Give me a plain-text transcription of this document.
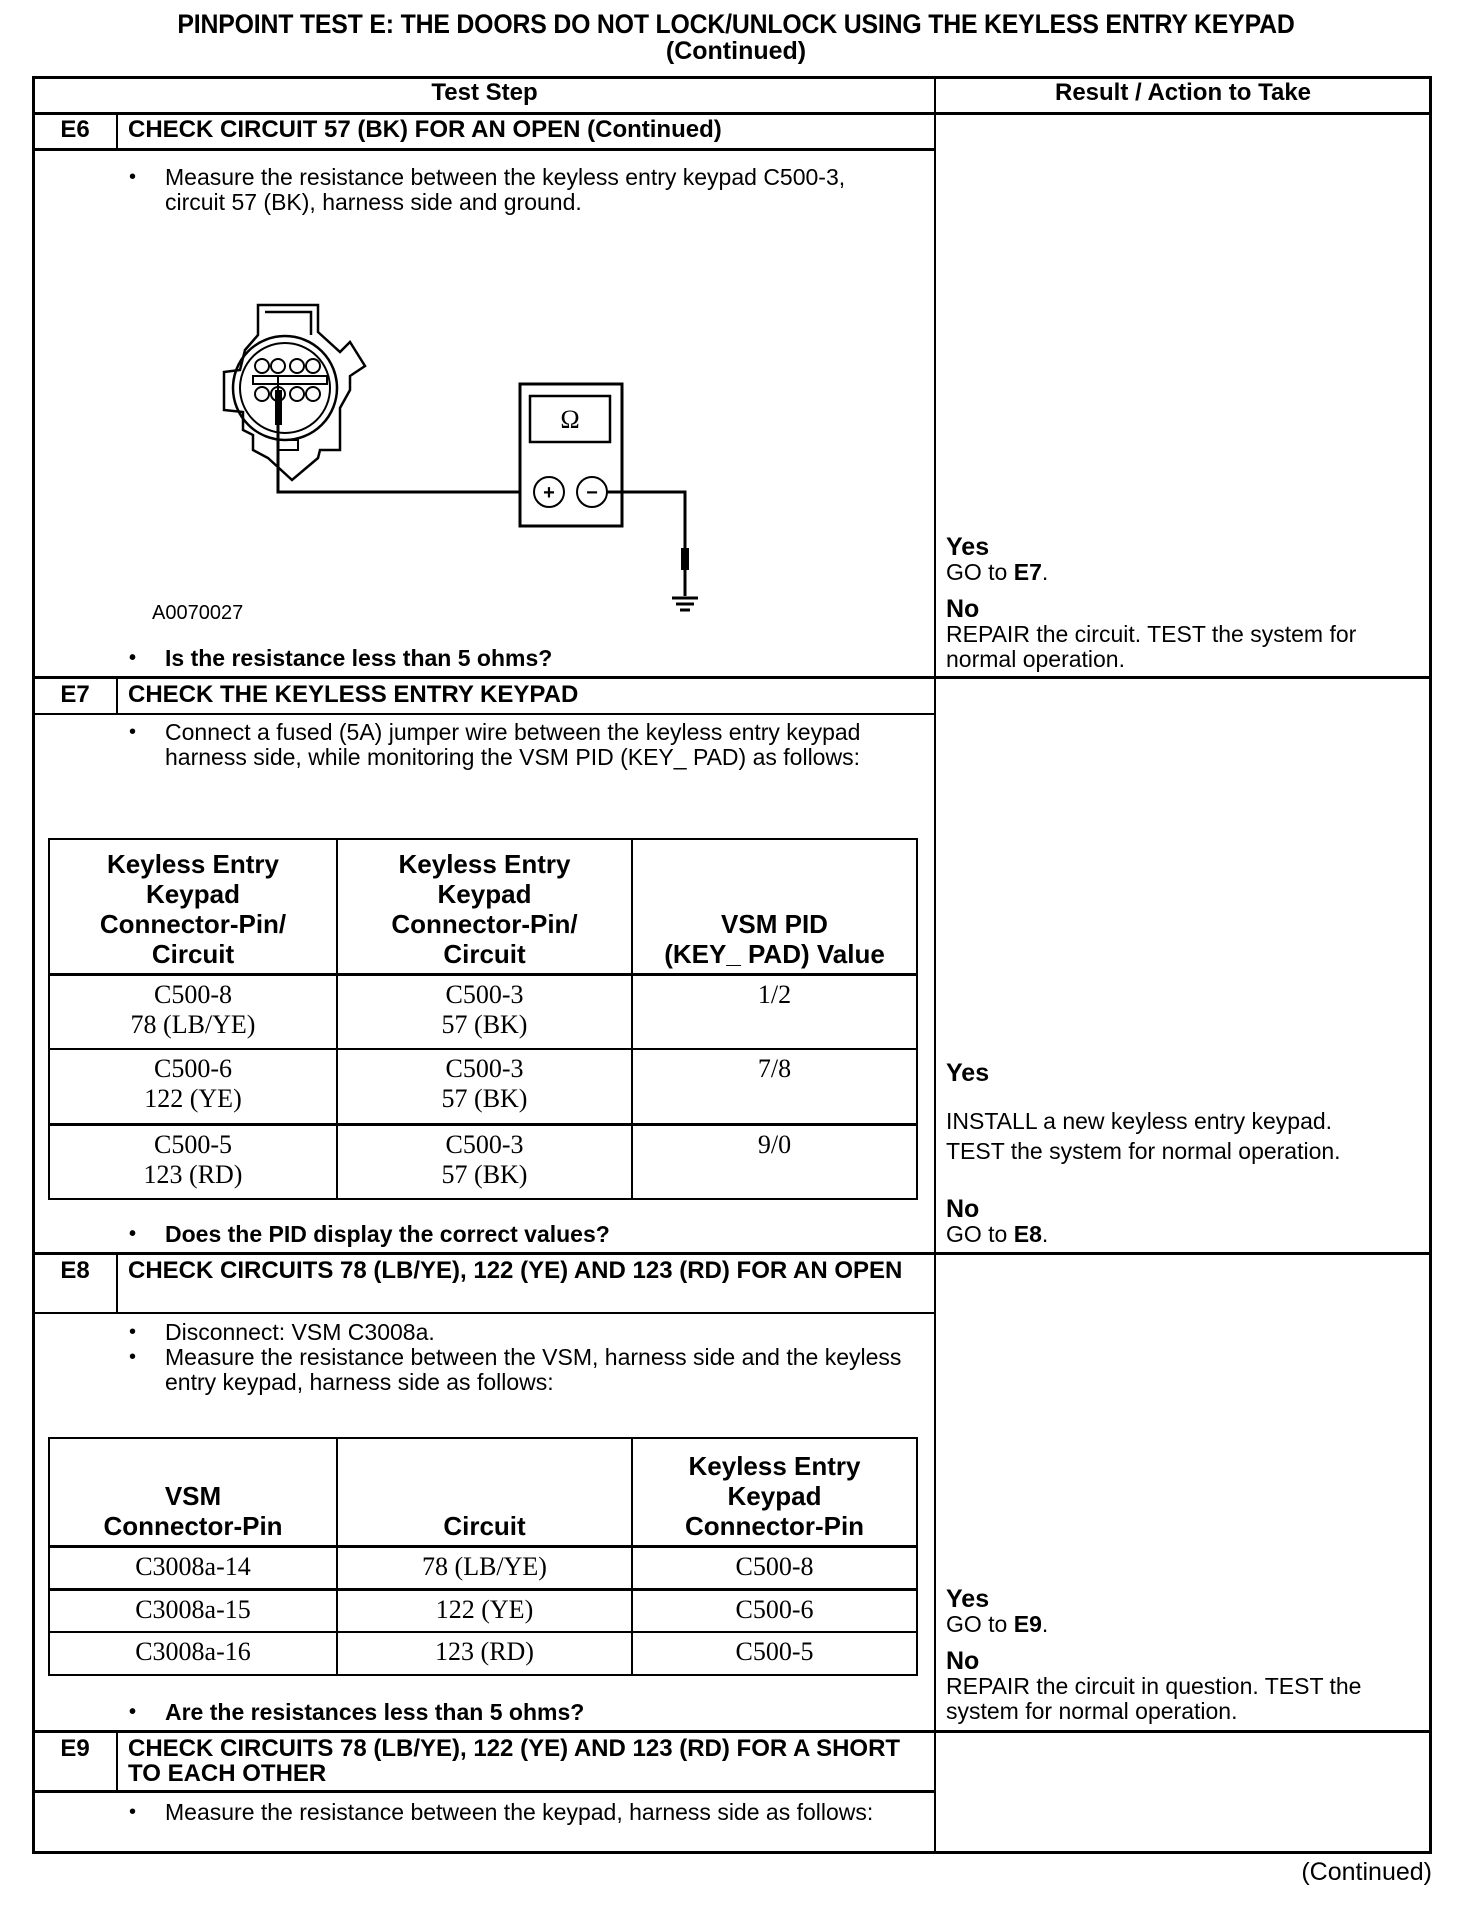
PINPOINT TEST E: THE DOORS DO NOT LOCK/UNLOCK USING THE KEYLESS ENTRY KEYPAD
(Continued)
Test Step	Result / Action to Take
E6	CHECK CIRCUIT 57 (BK) FOR AN OPEN (Continued)
• Measure the resistance between the keyless entry keypad C500-3, circuit 57 (BK), harness side and ground.
Ω
+ −
A0070027
• Is the resistance less than 5 ohms?
Yes
GO to E7.
No
REPAIR the circuit. TEST the system for normal operation.
E7	CHECK THE KEYLESS ENTRY KEYPAD
• Connect a fused (5A) jumper wire between the keyless entry keypad harness side, while monitoring the VSM PID (KEY_ PAD) as follows:
Keyless Entry
Keypad
Connector-Pin/
Circuit	Keyless Entry
Keypad
Connector-Pin/
Circuit	VSM PID
(KEY_ PAD) Value
C500-8
78 (LB/YE)	C500-3
57 (BK)	1/2
C500-6
122 (YE)	C500-3
57 (BK)	7/8
C500-5
123 (RD)	C500-3
57 (BK)	9/0
• Does the PID display the correct values?
Yes
INSTALL a new keyless entry keypad. TEST the system for normal operation.
No
GO to E8.
E8	CHECK CIRCUITS 78 (LB/YE), 122 (YE) AND 123 (RD) FOR AN OPEN
• Disconnect: VSM C3008a.
• Measure the resistance between the VSM, harness side and the keyless entry keypad, harness side as follows:
VSM
Connector-Pin	Circuit	Keyless Entry
Keypad
Connector-Pin
C3008a-14	78 (LB/YE)	C500-8
C3008a-15	122 (YE)	C500-6
C3008a-16	123 (RD)	C500-5
• Are the resistances less than 5 ohms?
Yes
GO to E9.
No
REPAIR the circuit in question. TEST the system for normal operation.
E9	CHECK CIRCUITS 78 (LB/YE), 122 (YE) AND 123 (RD) FOR A SHORT TO EACH OTHER
• Measure the resistance between the keypad, harness side as follows:
(Continued)
